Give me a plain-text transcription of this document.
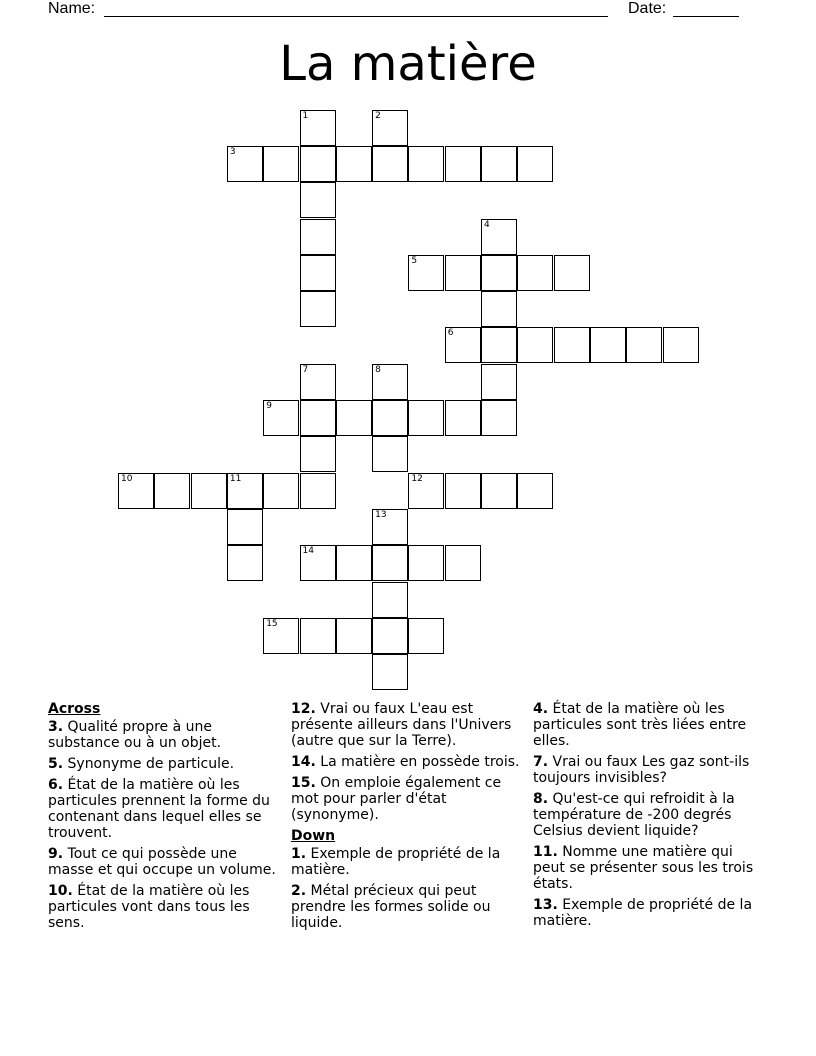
Name:	Date:
La matière
3
1	2
4
5
6
7	8
9
10	11	12
13
14
15
Across
3. Qualité propre à une substance ou à un objet.
5. Synonyme de particule.
6. État de la matière où les particules prennent la forme du contenant dans lequel elles se trouvent.
9. Tout ce qui possède une masse et qui occupe un volume.
10. État de la matière où les particules vont dans tous les sens.
12. Vrai ou faux L'eau est présente ailleurs dans l'Univers (autre que sur la Terre).
14. La matière en possède trois.
15. On emploie également ce mot pour parler d'état (synonyme).
Down
1. Exemple de propriété de la matière.
2. Métal précieux qui peut prendre les formes solide ou liquide.
4. État de la matière où les particules sont très liées entre elles.
7. Vrai ou faux Les gaz sont-ils toujours invisibles?
8. Qu'est-ce qui refroidit à la température de -200 degrés Celsius devient liquide?
11. Nomme une matière qui peut se présenter sous les trois états.
13. Exemple de propriété de la matière.
